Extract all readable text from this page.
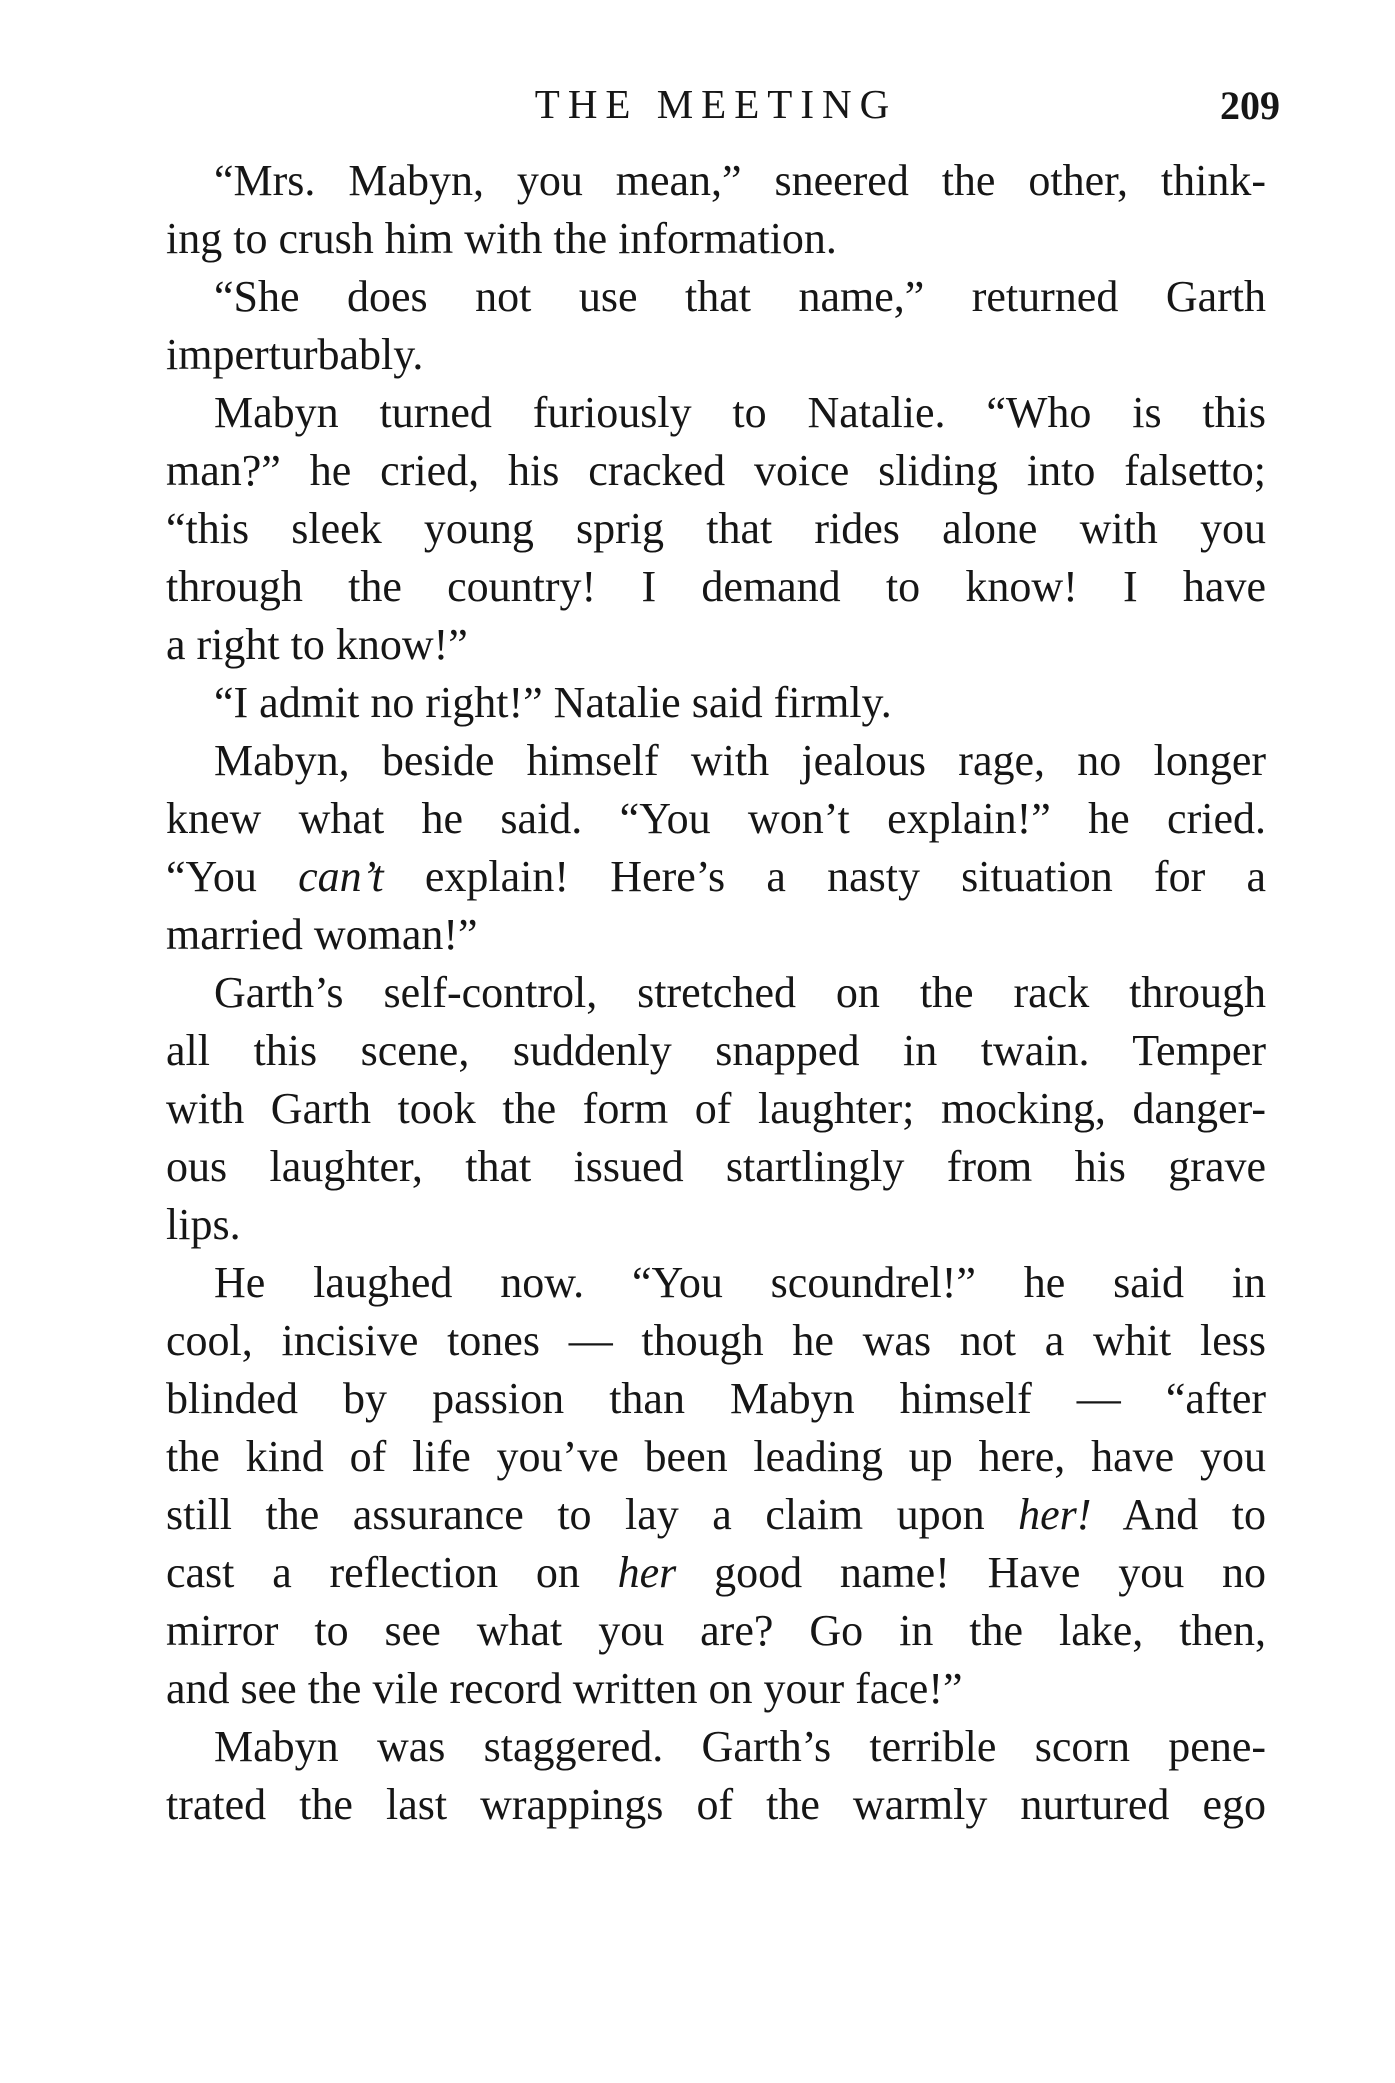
THE MEETING	209
“Mrs. Mabyn, you mean,” sneered the other, think-
ing to crush him with the information.
“She does not use that name,” returned Garth
imperturbably.
Mabyn turned furiously to Natalie. “Who is this
man?” he cried, his cracked voice sliding into falsetto;
“this sleek young sprig that rides alone with you
through the country! I demand to know! I have
a right to know!”
“I admit no right!” Natalie said firmly.
Mabyn, beside himself with jealous rage, no longer
knew what he said. “You won’t explain!” he cried.
“You can’t explain! Here’s a nasty situation for a
married woman!”
Garth’s self-control, stretched on the rack through
all this scene, suddenly snapped in twain. Temper
with Garth took the form of laughter; mocking, danger-
ous laughter, that issued startlingly from his grave
lips.
He laughed now. “You scoundrel!” he said in
cool, incisive tones — though he was not a whit less
blinded by passion than Mabyn himself — “after
the kind of life you’ve been leading up here, have you
still the assurance to lay a claim upon her! And to
cast a reflection on her good name! Have you no
mirror to see what you are? Go in the lake, then,
and see the vile record written on your face!”
Mabyn was staggered. Garth’s terrible scorn pene-
trated the last wrappings of the warmly nurtured ego
